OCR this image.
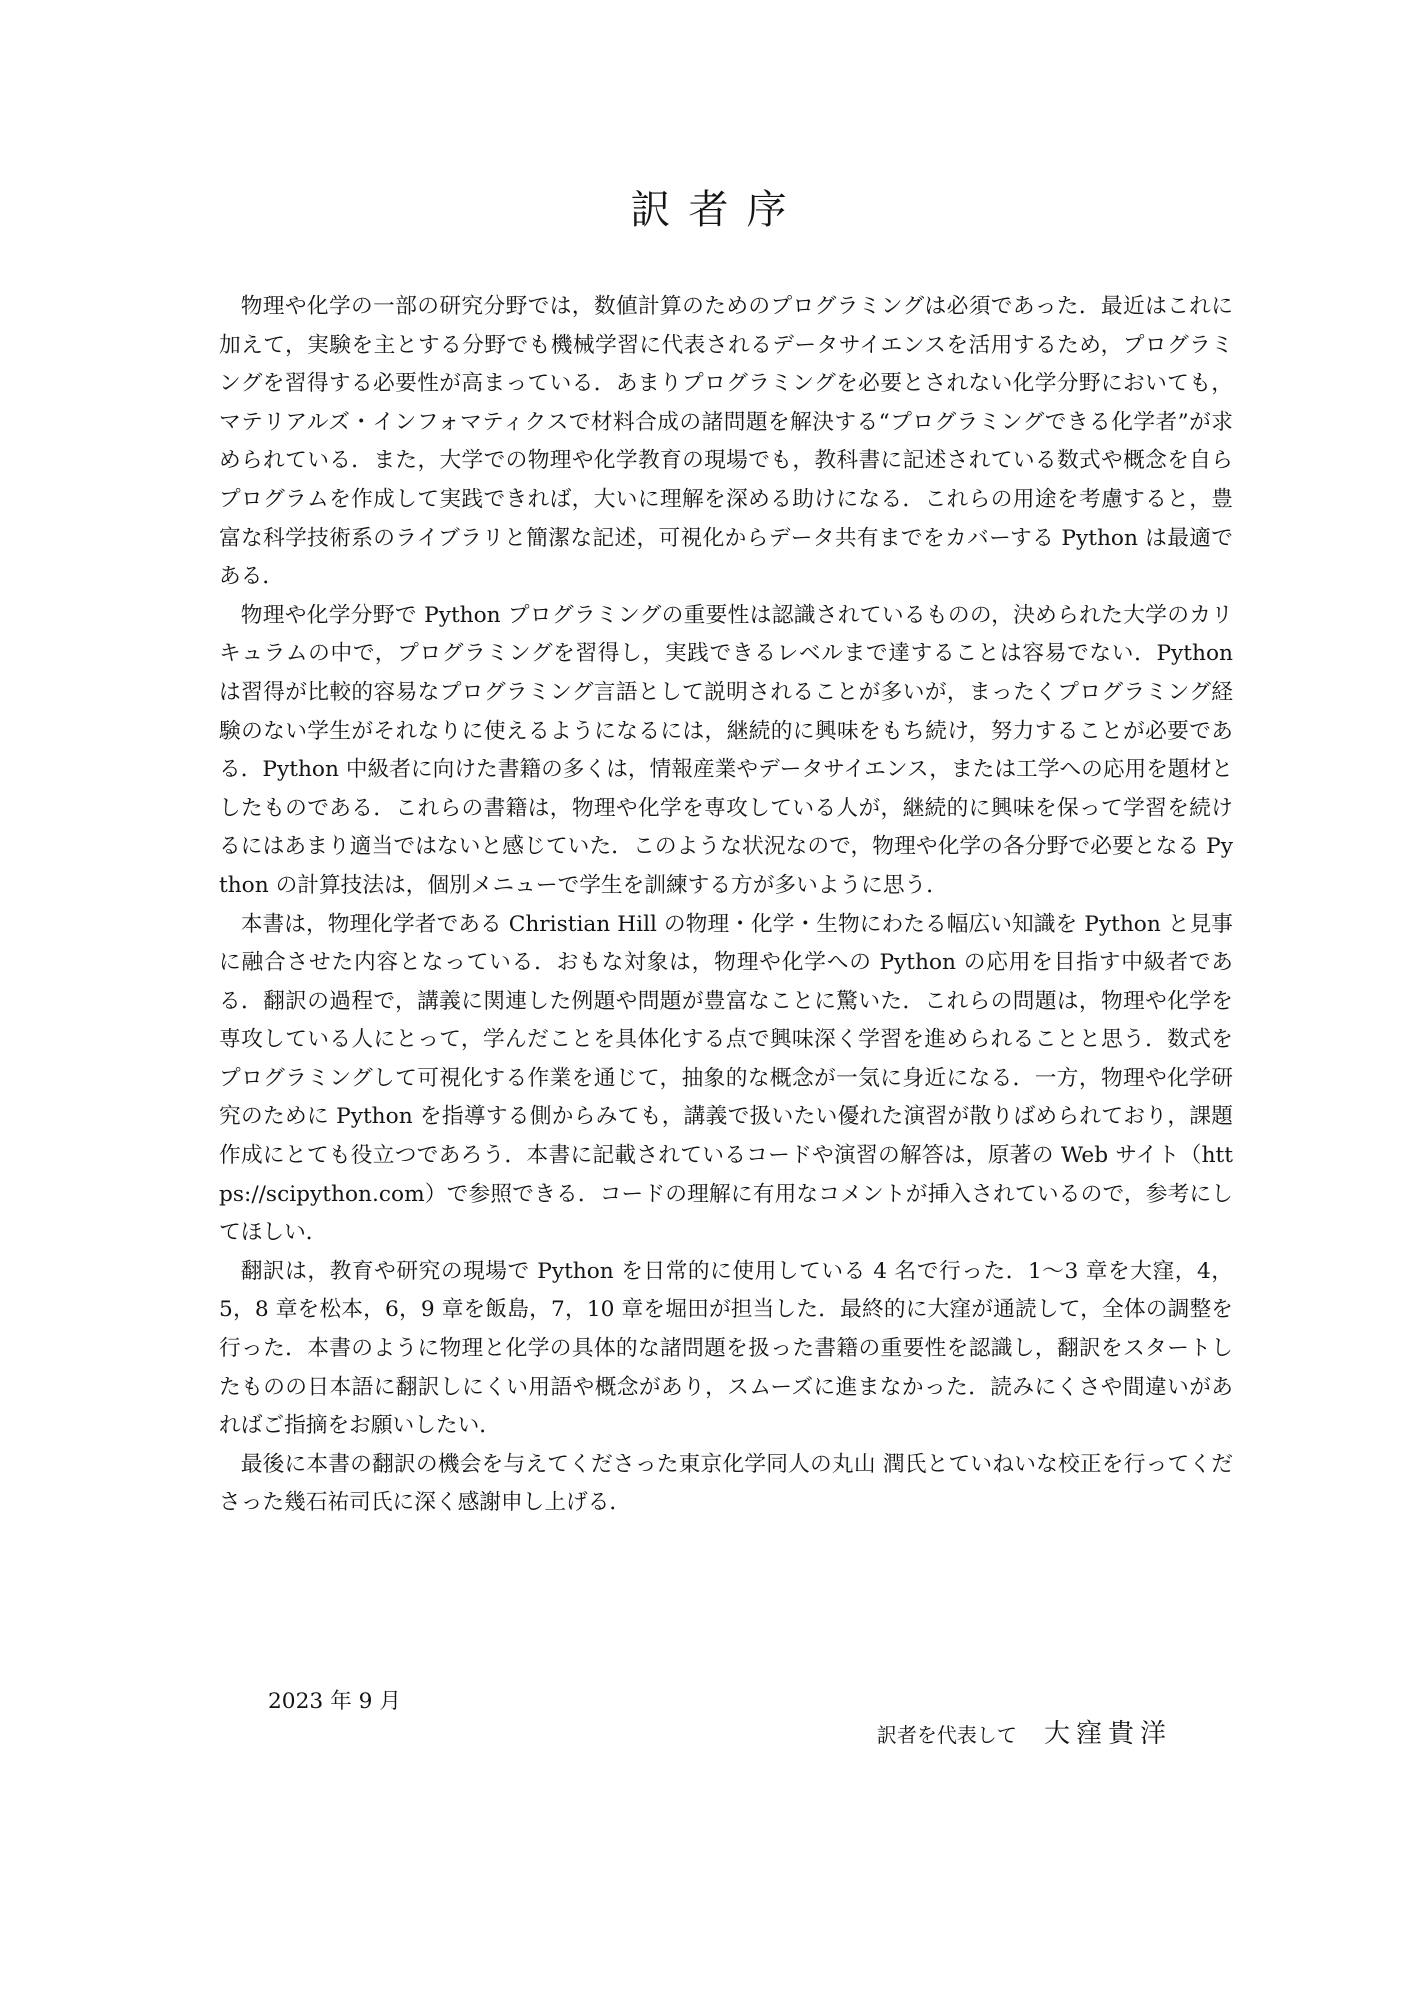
訳者序

物理や化学の一部の研究分野では，数値計算のためのプログラミングは必須であった．最近はこれに加えて，実験を主とする分野でも機械学習に代表されるデータサイエンスを活用するため，プログラミングを習得する必要性が高まっている．あまりプログラミングを必要とされない化学分野においても，マテリアルズ・インフォマティクスで材料合成の諸問題を解決する“プログラミングできる化学者”が求められている．また，大学での物理や化学教育の現場でも，教科書に記述されている数式や概念を自らプログラムを作成して実践できれば，大いに理解を深める助けになる．これらの用途を考慮すると，豊富な科学技術系のライブラリと簡潔な記述，可視化からデータ共有までをカバーする Python は最適である．

物理や化学分野で Python プログラミングの重要性は認識されているものの，決められた大学のカリキュラムの中で，プログラミングを習得し，実践できるレベルまで達することは容易でない．Python は習得が比較的容易なプログラミング言語として説明されることが多いが，まったくプログラミング経験のない学生がそれなりに使えるようになるには，継続的に興味をもち続け，努力することが必要である．Python 中級者に向けた書籍の多くは，情報産業やデータサイエンス，または工学への応用を題材としたものである．これらの書籍は，物理や化学を専攻している人が，継続的に興味を保って学習を続けるにはあまり適当ではないと感じていた．このような状況なので，物理や化学の各分野で必要となる Python の計算技法は，個別メニューで学生を訓練する方が多いように思う．

本書は，物理化学者である Christian Hill の物理・化学・生物にわたる幅広い知識を Python と見事に融合させた内容となっている．おもな対象は，物理や化学への Python の応用を目指す中級者である．翻訳の過程で，講義に関連した例題や問題が豊富なことに驚いた．これらの問題は，物理や化学を専攻している人にとって，学んだことを具体化する点で興味深く学習を進められることと思う．数式をプログラミングして可視化する作業を通じて，抽象的な概念が一気に身近になる．一方，物理や化学研究のために Python を指導する側からみても，講義で扱いたい優れた演習が散りばめられており，課題作成にとても役立つであろう．本書に記載されているコードや演習の解答は，原著の Web サイト（https://scipython.com）で参照できる．コードの理解に有用なコメントが挿入されているので，参考にしてほしい．

翻訳は，教育や研究の現場で Python を日常的に使用している 4 名で行った．1～3 章を大窪，4，5，8 章を松本，6，9 章を飯島，7，10 章を堀田が担当した．最終的に大窪が通読して，全体の調整を行った．本書のように物理と化学の具体的な諸問題を扱った書籍の重要性を認識し，翻訳をスタートしたものの日本語に翻訳しにくい用語や概念があり，スムーズに進まなかった．読みにくさや間違いがあればご指摘をお願いしたい．

最後に本書の翻訳の機会を与えてくださった東京化学同人の丸山 潤氏とていねいな校正を行ってくださった幾石祐司氏に深く感謝申し上げる．

2023 年 9 月

訳者を代表して 大窪貴洋
